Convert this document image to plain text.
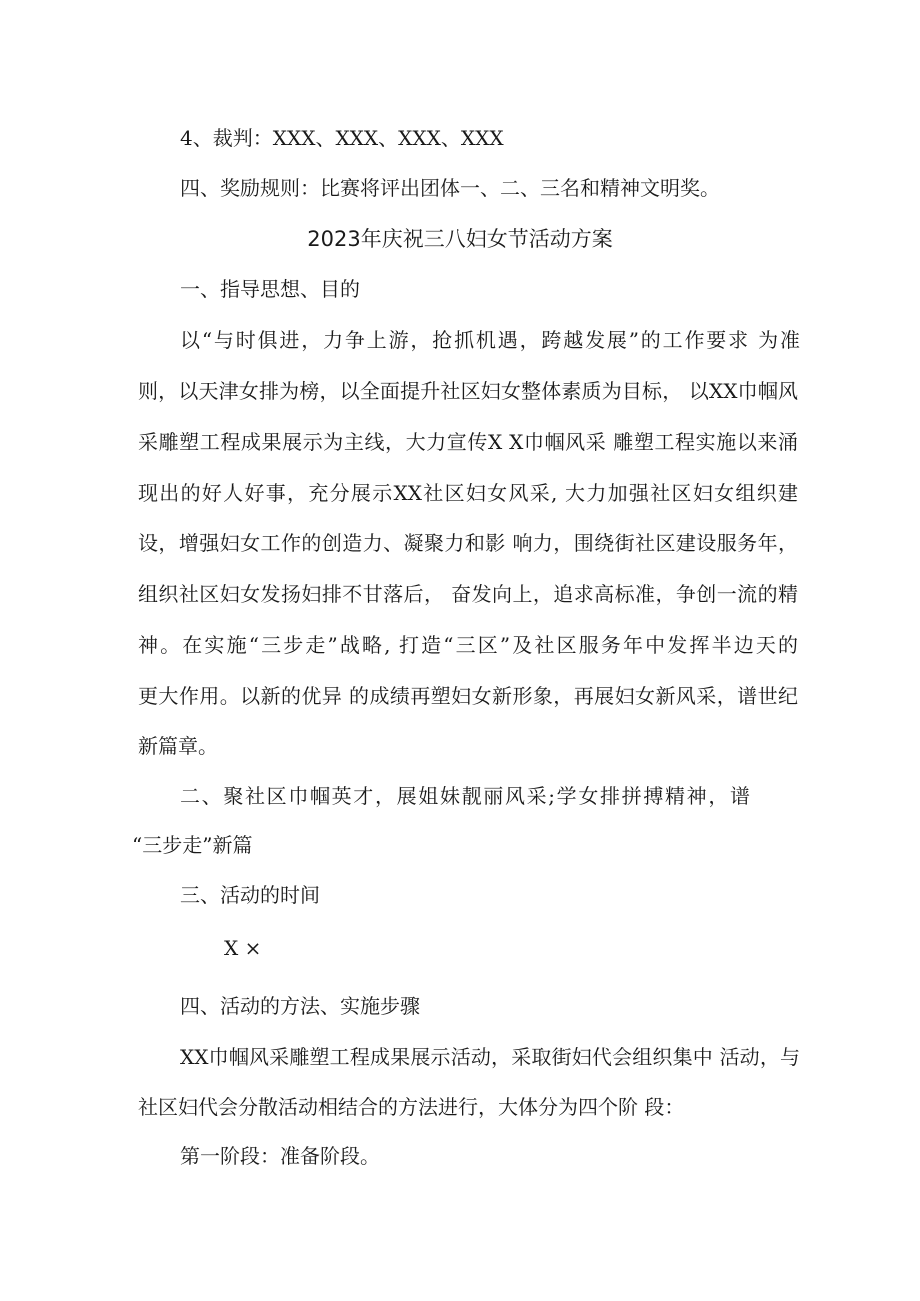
4、裁判：XXX、XXX、XXX、XXX
四、奖励规则：比赛将评出团体一、二、三名和精神文明奖。
2023年庆祝三八妇女节活动方案
一、指导思想、目的
以“与时俱进，力争上游，抢抓机遇，跨越发展”的工作要求 为准
则，以天津女排为榜，以全面提升社区妇女整体素质为目标， 以XX巾帼风
采雕塑工程成果展示为主线，大力宣传X X巾帼风采 雕塑工程实施以来涌
现出的好人好事，充分展示XX社区妇女风采, 大力加强社区妇女组织建
设，增强妇女工作的创造力、凝聚力和影 响力，围绕街社区建设服务年，
组织社区妇女发扬妇排不甘落后， 奋发向上，追求高标准，争创一流的精
神。在实施“三步走”战略, 打造“三区”及社区服务年中发挥半边天的
更大作用。以新的优异 的成绩再塑妇女新形象，再展妇女新风采，谱世纪
新篇章。
二、聚社区巾帼英才，展姐妹靓丽风采;学女排拼搏精神，谱
“三步走”新篇
三、活动的时间
X ×
四、活动的方法、实施步骤
XX巾帼风采雕塑工程成果展示活动，采取街妇代会组织集中 活动，与
社区妇代会分散活动相结合的方法进行，大体分为四个阶 段：
第一阶段：准备阶段。
